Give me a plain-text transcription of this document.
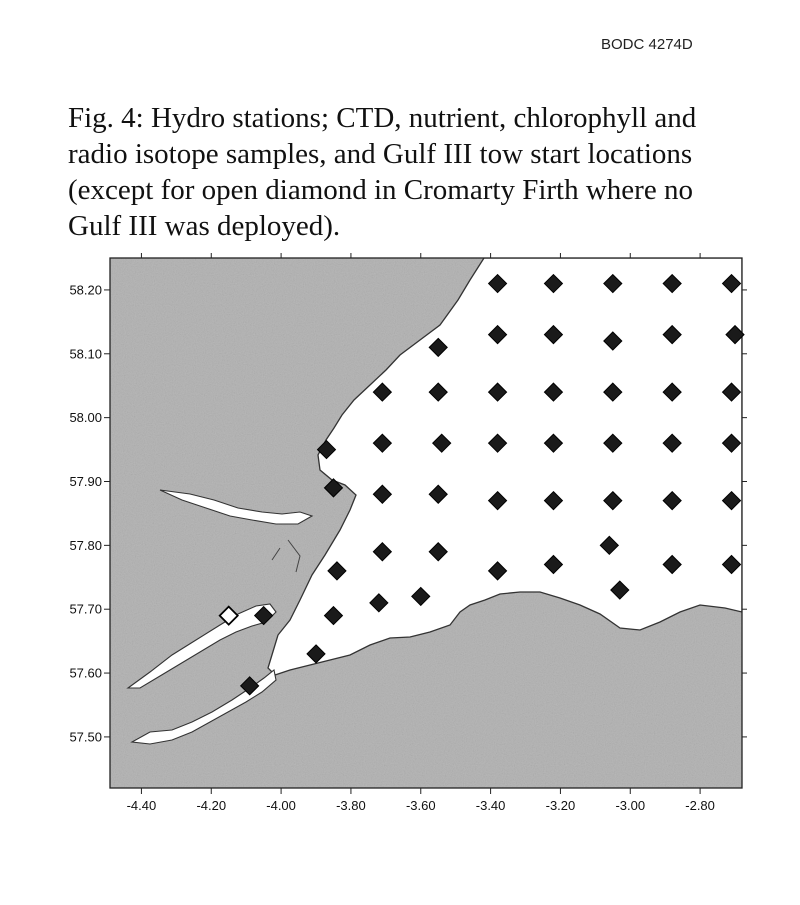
BODC 4274D
Fig. 4: Hydro stations; CTD, nutrient, chlorophyll and
radio isotope samples, and Gulf III tow start locations
(except for open diamond in Cromarty Firth where no
Gulf III was deployed).
-4.40	-4.20	-4.00	-3.80	-3.60	-3.40	-3.20	-3.00	-2.80
58.20
58.10
58.00
57.90
57.80
57.70
57.60
57.50
